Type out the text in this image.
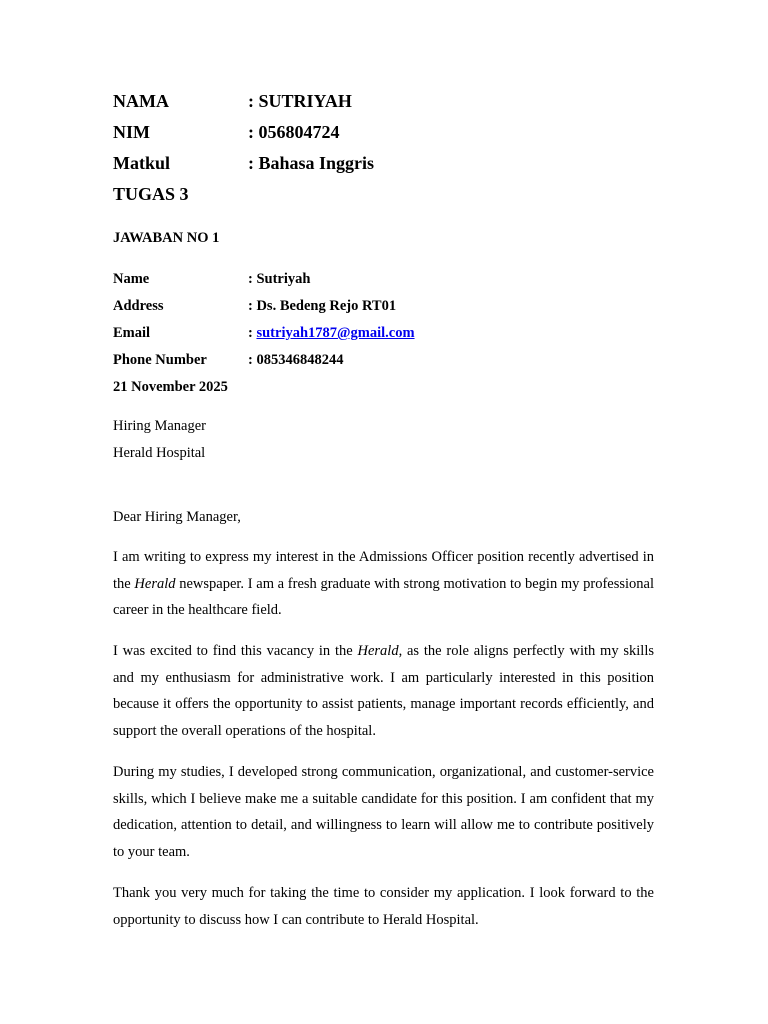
NAMA	: SUTRIYAH
NIM	: 056804724
Matkul	: Bahasa Inggris
TUGAS 3
JAWABAN NO 1
Name	: Sutriyah
Address	: Ds. Bedeng Rejo RT01
Email	: sutriyah1787@gmail.com
Phone Number	: 085346848244
21 November 2025
Hiring Manager
Herald Hospital
Dear Hiring Manager,

I am writing to express my interest in the Admissions Officer position recently advertised in the Herald newspaper. I am a fresh graduate with strong motivation to begin my professional career in the healthcare field.

I was excited to find this vacancy in the Herald, as the role aligns perfectly with my skills and my enthusiasm for administrative work. I am particularly interested in this position because it offers the opportunity to assist patients, manage important records efficiently, and support the overall operations of the hospital.

During my studies, I developed strong communication, organizational, and customer-service skills, which I believe make me a suitable candidate for this position. I am confident that my dedication, attention to detail, and willingness to learn will allow me to contribute positively to your team.

Thank you very much for taking the time to consider my application. I look forward to the opportunity to discuss how I can contribute to Herald Hospital.
